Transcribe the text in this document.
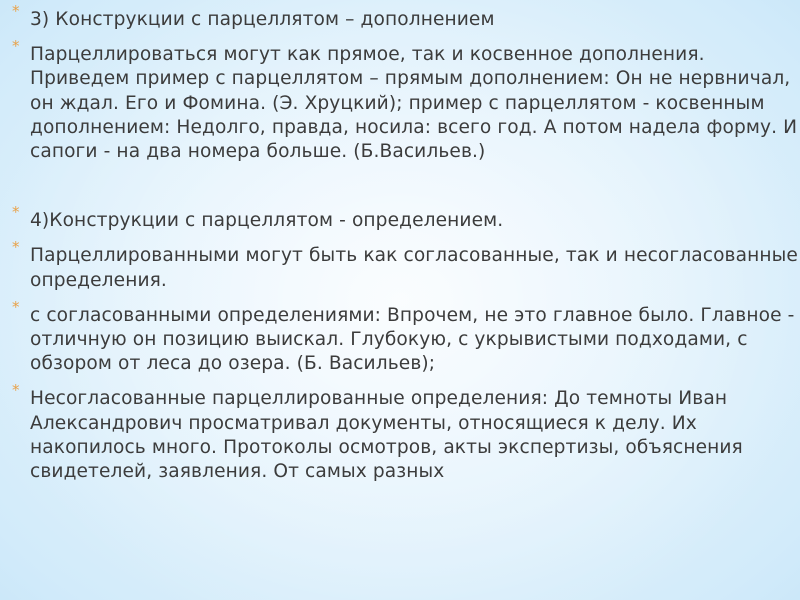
* 3) Конструкции с парцеллятом – дополнением
* Парцеллироваться могут как прямое, так и косвенное дополнения. Приведем пример с парцеллятом – прямым дополнением: Он не нервничал, он ждал. Его и Фомина. (Э. Хруцкий); пример с парцеллятом - косвенным дополнением: Недолго, правда, носила: всего год. А потом надела форму. И сапоги - на два номера больше. (Б.Васильев.)
* 4)Конструкции с парцеллятом - определением.
* Парцеллированными могут быть как согласованные, так и несогласованные определения.
* с согласованными определениями: Впрочем, не это главное было. Главное - отличную он позицию выискал. Глубокую, с укрывистыми подходами, с обзором от леса до озера. (Б. Васильев);
* Несогласованные парцеллированные определения: До темноты Иван Александрович просматривал документы, относящиеся к делу. Их накопилось много. Протоколы осмотров, акты экспертизы, объяснения свидетелей, заявления. От самых разных
